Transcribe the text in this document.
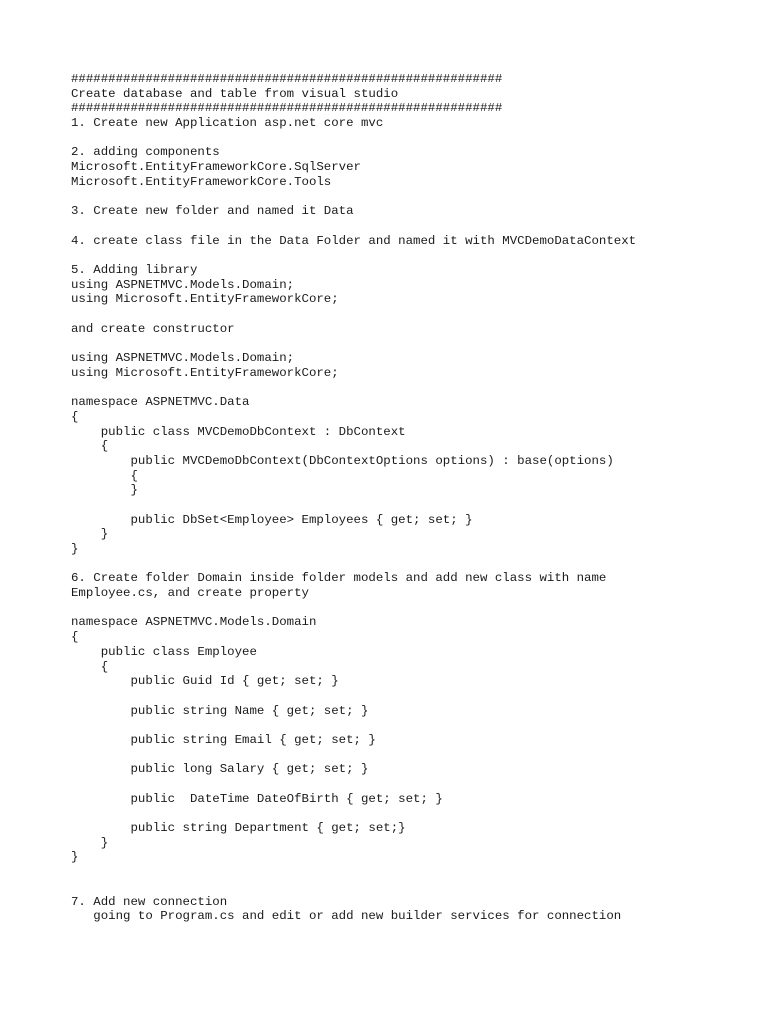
##########################################################
Create database and table from visual studio
##########################################################
1. Create new Application asp.net core mvc
2. adding components
Microsoft.EntityFrameworkCore.SqlServer
Microsoft.EntityFrameworkCore.Tools
3. Create new folder and named it Data
4. create class file in the Data Folder and named it with MVCDemoDataContext
5. Adding library
using ASPNETMVC.Models.Domain;
using Microsoft.EntityFrameworkCore;
and create constructor
using ASPNETMVC.Models.Domain;
using Microsoft.EntityFrameworkCore;
namespace ASPNETMVC.Data
{
public class MVCDemoDbContext : DbContext
{
public MVCDemoDbContext(DbContextOptions options) : base(options)
{
}
public DbSet<Employee> Employees { get; set; }
}
}
6. Create folder Domain inside folder models and add new class with name
Employee.cs, and create property
namespace ASPNETMVC.Models.Domain
{
public class Employee
{
public Guid Id { get; set; }
public string Name { get; set; }
public string Email { get; set; }
public long Salary { get; set; }
public  DateTime DateOfBirth { get; set; }
public string Department { get; set;}
}
}
7. Add new connection
going to Program.cs and edit or add new builder services for connection
